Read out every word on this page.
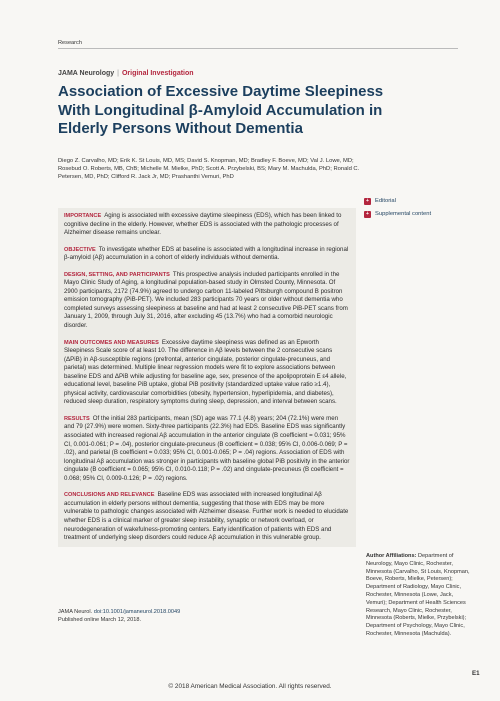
Research
JAMA Neurology | Original Investigation
Association of Excessive Daytime Sleepiness With Longitudinal β-Amyloid Accumulation in Elderly Persons Without Dementia

Diego Z. Carvalho, MD; Erik K. St Louis, MD, MS; David S. Knopman, MD; Bradley F. Boeve, MD; Val J. Lowe, MD; Rosebud O. Roberts, MB, ChB; Michelle M. Mielke, PhD; Scott A. Przybelski, BS; Mary M. Machulda, PhD; Ronald C. Petersen, MD, PhD; Clifford R. Jack Jr, MD; Prashanthi Vemuri, PhD

+	Editorial
+	Supplemental content

IMPORTANCE Aging is associated with excessive daytime sleepiness (EDS), which has been linked to cognitive decline in the elderly. However, whether EDS is associated with the pathologic processes of Alzheimer disease remains unclear.

OBJECTIVE To investigate whether EDS at baseline is associated with a longitudinal increase in regional β-amyloid (Aβ) accumulation in a cohort of elderly individuals without dementia.

DESIGN, SETTING, AND PARTICIPANTS This prospective analysis included participants enrolled in the Mayo Clinic Study of Aging, a longitudinal population-based study in Olmsted County, Minnesota. Of 2900 participants, 2172 (74.9%) agreed to undergo carbon 11-labeled Pittsburgh compound B positron emission tomography (PiB-PET). We included 283 participants 70 years or older without dementia who completed surveys assessing sleepiness at baseline and had at least 2 consecutive PiB-PET scans from January 1, 2009, through July 31, 2016, after excluding 45 (13.7%) who had a comorbid neurologic disorder.

MAIN OUTCOMES AND MEASURES Excessive daytime sleepiness was defined as an Epworth Sleepiness Scale score of at least 10. The difference in Aβ levels between the 2 consecutive scans (ΔPiB) in Aβ-susceptible regions (prefrontal, anterior cingulate, posterior cingulate-precuneus, and parietal) was determined. Multiple linear regression models were fit to explore associations between baseline EDS and ΔPiB while adjusting for baseline age, sex, presence of the apolipoprotein E ε4 allele, educational level, baseline PiB uptake, global PiB positivity (standardized uptake value ratio ≥1.4), physical activity, cardiovascular comorbidities (obesity, hypertension, hyperlipidemia, and diabetes), reduced sleep duration, respiratory symptoms during sleep, depression, and interval between scans.

RESULTS Of the initial 283 participants, mean (SD) age was 77.1 (4.8) years; 204 (72.1%) were men and 79 (27.9%) were women. Sixty-three participants (22.3%) had EDS. Baseline EDS was significantly associated with increased regional Aβ accumulation in the anterior cingulate (B coefficient = 0.031; 95% CI, 0.001-0.061; P = .04), posterior cingulate-precuneus (B coefficient = 0.038; 95% CI, 0.006-0.069; P = .02), and parietal (B coefficient = 0.033; 95% CI, 0.001-0.065; P = .04) regions. Association of EDS with longitudinal Aβ accumulation was stronger in participants with baseline global PiB positivity in the anterior cingulate (B coefficient = 0.065; 95% CI, 0.010-0.118; P = .02) and cingulate-precuneus (B coefficient = 0.068; 95% CI, 0.009-0.126; P = .02) regions.

CONCLUSIONS AND RELEVANCE Baseline EDS was associated with increased longitudinal Aβ accumulation in elderly persons without dementia, suggesting that those with EDS may be more vulnerable to pathologic changes associated with Alzheimer disease. Further work is needed to elucidate whether EDS is a clinical marker of greater sleep instability, synaptic or network overload, or neurodegeneration of wakefulness-promoting centers. Early identification of patients with EDS and treatment of underlying sleep disorders could reduce Aβ accumulation in this vulnerable group.

JAMA Neurol. doi:10.1001/jamaneurol.2018.0049
Published online March 12, 2018.
Author Affiliations: Department of Neurology, Mayo Clinic, Rochester, Minnesota (Carvalho, St Louis, Knopman, Boeve, Roberts, Mielke, Petersen); Department of Radiology, Mayo Clinic, Rochester, Minnesota (Lowe, Jack, Vemuri); Department of Health Sciences Research, Mayo Clinic, Rochester, Minnesota (Roberts, Mielke, Przybelski); Department of Psychology, Mayo Clinic, Rochester, Minnesota (Machulda).
E1
© 2018 American Medical Association. All rights reserved.
